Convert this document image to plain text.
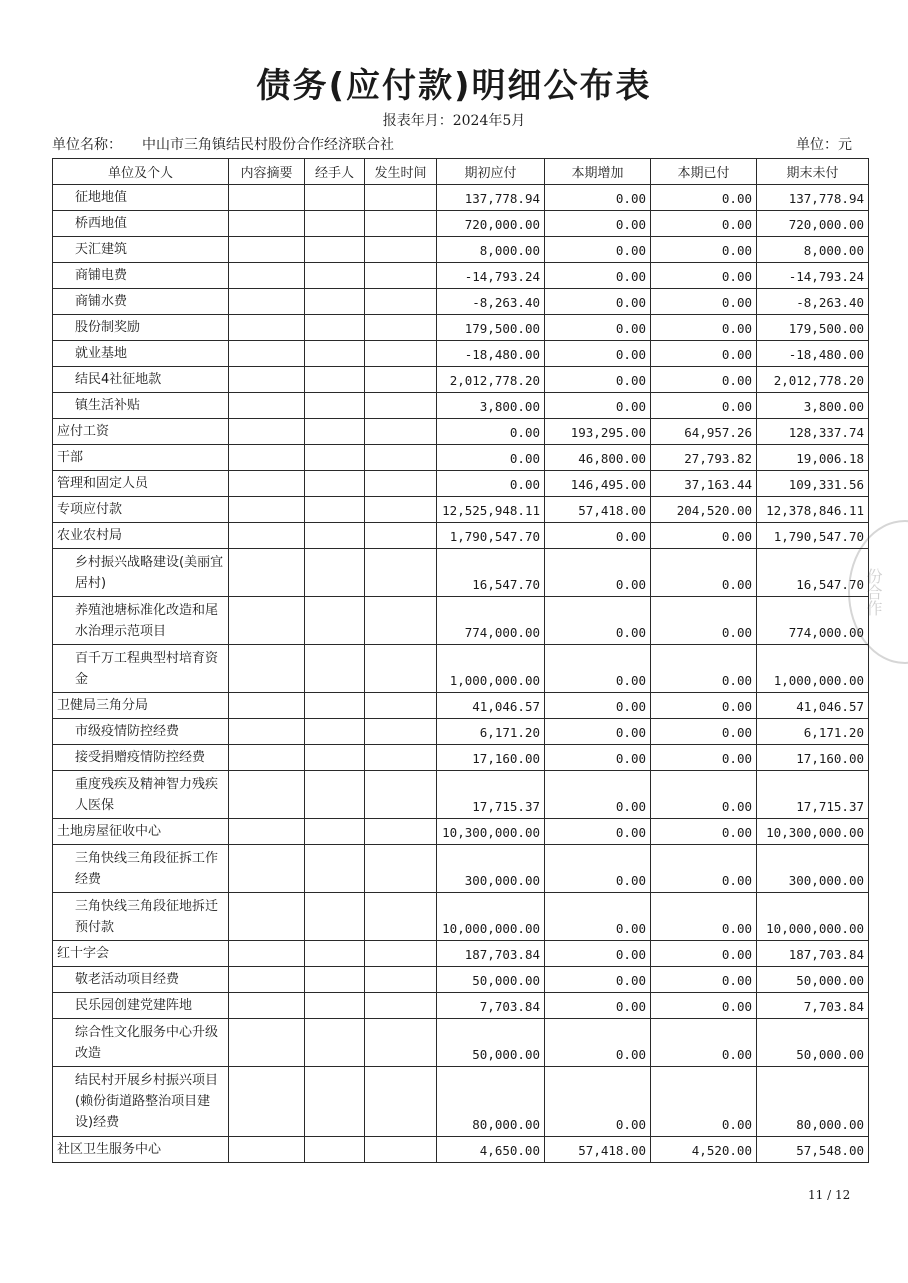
债务(应付款)明细公布表
报表年月：2024年5月
单位名称： 中山市三角镇结民村股份合作经济联合社	单位：元
份合作
单位及个人	内容摘要	经手人	发生时间	期初应付	本期增加	本期已付	期末未付
征地地值				137,778.94	0.00	0.00	137,778.94
桥西地值				720,000.00	0.00	0.00	720,000.00
天汇建筑				8,000.00	0.00	0.00	8,000.00
商铺电费				-14,793.24	0.00	0.00	-14,793.24
商铺水费				-8,263.40	0.00	0.00	-8,263.40
股份制奖励				179,500.00	0.00	0.00	179,500.00
就业基地				-18,480.00	0.00	0.00	-18,480.00
结民4社征地款				2,012,778.20	0.00	0.00	2,012,778.20
镇生活补贴				3,800.00	0.00	0.00	3,800.00
应付工资				0.00	193,295.00	64,957.26	128,337.74
干部				0.00	46,800.00	27,793.82	19,006.18
管理和固定人员				0.00	146,495.00	37,163.44	109,331.56
专项应付款				12,525,948.11	57,418.00	204,520.00	12,378,846.11
农业农村局				1,790,547.70	0.00	0.00	1,790,547.70
乡村振兴战略建设(美丽宜居村)				16,547.70	0.00	0.00	16,547.70
养殖池塘标准化改造和尾水治理示范项目				774,000.00	0.00	0.00	774,000.00
百千万工程典型村培育资金				1,000,000.00	0.00	0.00	1,000,000.00
卫健局三角分局				41,046.57	0.00	0.00	41,046.57
市级疫情防控经费				6,171.20	0.00	0.00	6,171.20
接受捐赠疫情防控经费				17,160.00	0.00	0.00	17,160.00
重度残疾及精神智力残疾人医保				17,715.37	0.00	0.00	17,715.37
土地房屋征收中心				10,300,000.00	0.00	0.00	10,300,000.00
三角快线三角段征拆工作经费				300,000.00	0.00	0.00	300,000.00
三角快线三角段征地拆迁预付款				10,000,000.00	0.00	0.00	10,000,000.00
红十字会				187,703.84	0.00	0.00	187,703.84
敬老活动项目经费				50,000.00	0.00	0.00	50,000.00
民乐园创建党建阵地				7,703.84	0.00	0.00	7,703.84
综合性文化服务中心升级改造				50,000.00	0.00	0.00	50,000.00
结民村开展乡村振兴项目(赖份街道路整治项目建设)经费				80,000.00	0.00	0.00	80,000.00
社区卫生服务中心				4,650.00	57,418.00	4,520.00	57,548.00
11 / 12
